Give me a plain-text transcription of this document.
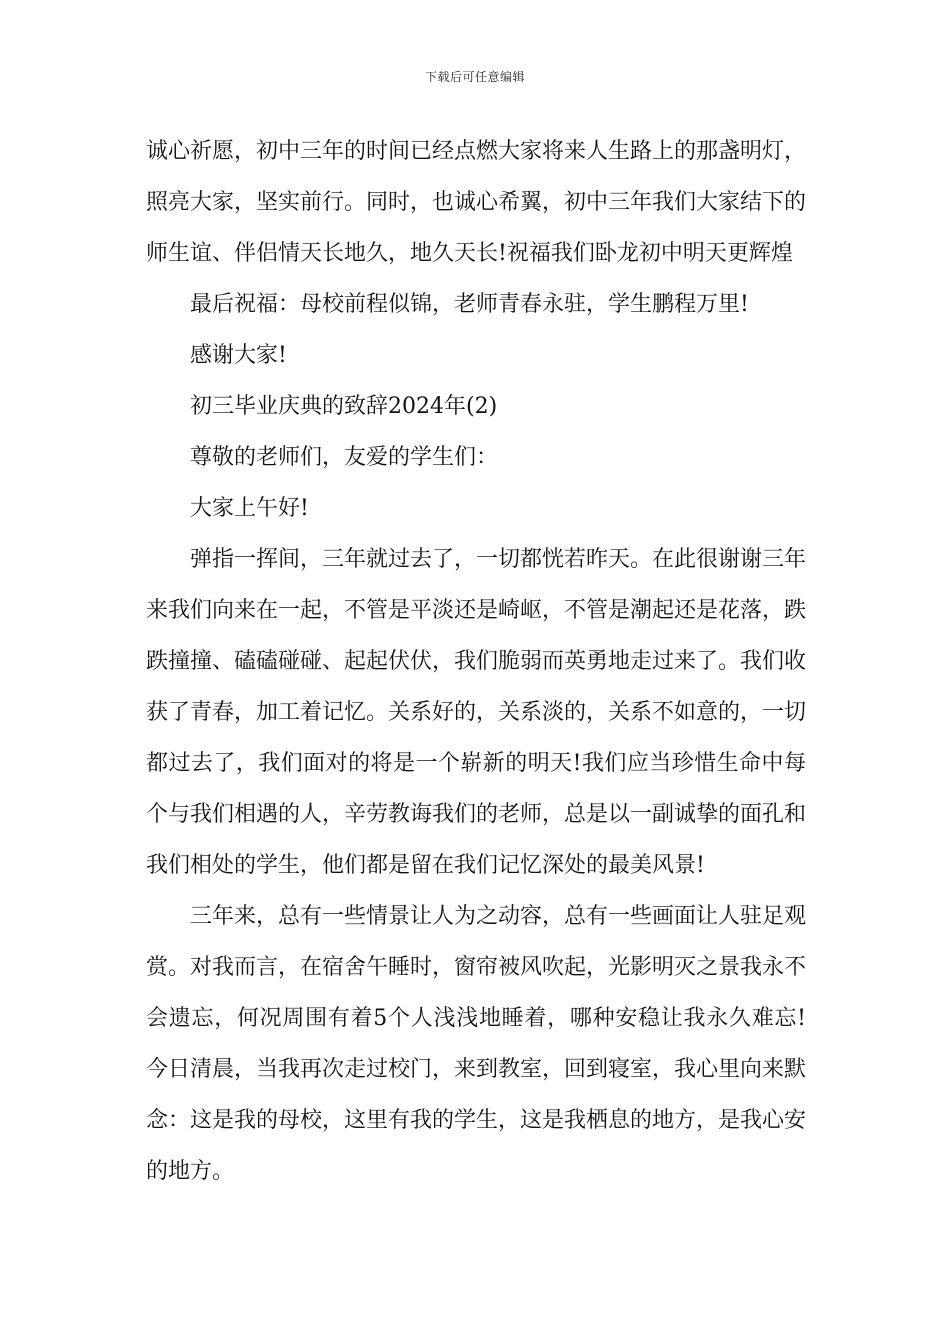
下载后可任意编辑

诚心祈愿，初中三年的时间已经点燃大家将来人生路上的那盏明灯，照亮大家，坚实前行。同时，也诚心希翼，初中三年我们大家结下的师生谊、伴侣情天长地久，地久天长!祝福我们卧龙初中明天更辉煌

最后祝福：母校前程似锦，老师青春永驻，学生鹏程万里!

感谢大家!

初三毕业庆典的致辞2024年(2)

尊敬的老师们，友爱的学生们：

大家上午好!

弹指一挥间，三年就过去了，一切都恍若昨天。在此很谢谢三年来我们向来在一起，不管是平淡还是崎岖，不管是潮起还是花落，跌跌撞撞、磕磕碰碰、起起伏伏，我们脆弱而英勇地走过来了。我们收获了青春，加工着记忆。关系好的，关系淡的，关系不如意的，一切都过去了，我们面对的将是一个崭新的明天!我们应当珍惜生命中每个与我们相遇的人，辛劳教诲我们的老师，总是以一副诚挚的面孔和我们相处的学生，他们都是留在我们记忆深处的最美风景!

三年来，总有一些情景让人为之动容，总有一些画面让人驻足观赏。对我而言，在宿舍午睡时，窗帘被风吹起，光影明灭之景我永不会遗忘，何况周围有着5个人浅浅地睡着，哪种安稳让我永久难忘!今日清晨，当我再次走过校门，来到教室，回到寝室，我心里向来默念：这是我的母校，这里有我的学生，这是我栖息的地方，是我心安的地方。
